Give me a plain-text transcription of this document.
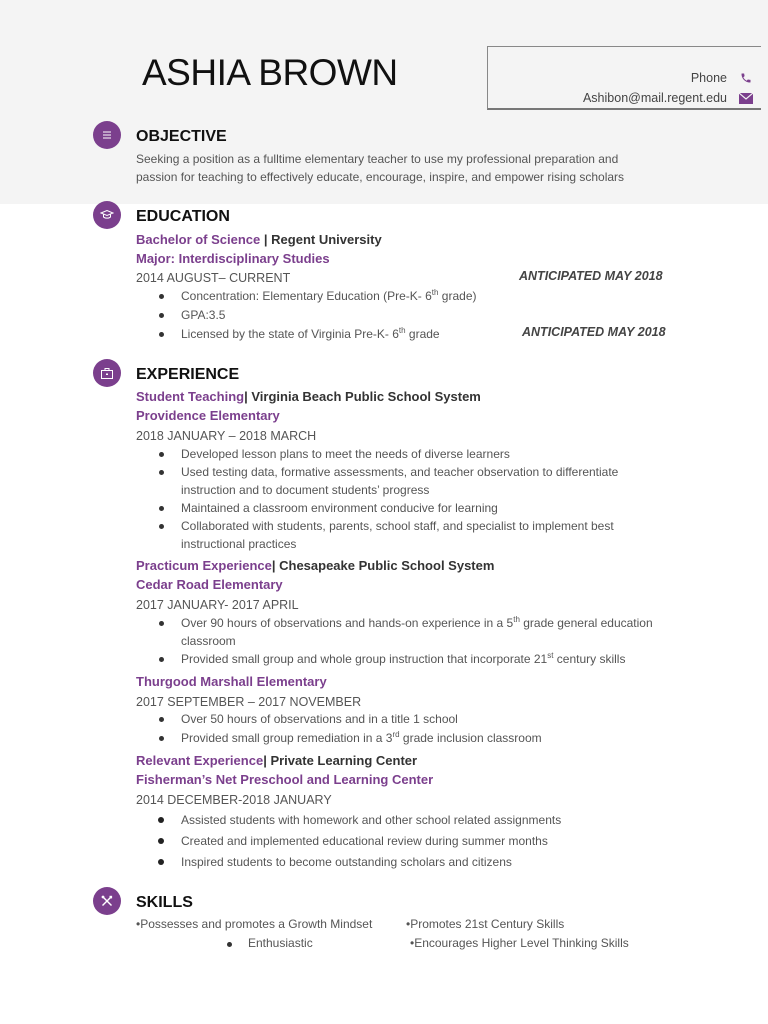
ASHIA BROWN	Phone
Ashibon@mail.regent.edu
OBJECTIVE
Seeking a position as a fulltime elementary teacher to use my professional preparation and
passion for teaching to effectively educate, encourage, inspire, and empower rising scholars
EDUCATION
Bachelor of Science | Regent University
Major: Interdisciplinary Studies
2014 AUGUST– CURRENT	ANTICIPATED MAY 2018
Concentration: Elementary Education (Pre-K- 6th grade)
GPA:3.5
Licensed by the state of Virginia Pre-K- 6th grade	ANTICIPATED MAY 2018
EXPERIENCE
Student Teaching| Virginia Beach Public School System
Providence Elementary
2018 JANUARY – 2018 MARCH
Developed lesson plans to meet the needs of diverse learners
Used testing data, formative assessments, and teacher observation to differentiate
instruction and to document students’ progress
Maintained a classroom environment conducive for learning
Collaborated with students, parents, school staff, and specialist to implement best
instructional practices
Practicum Experience| Chesapeake Public School System
Cedar Road Elementary
2017 JANUARY- 2017 APRIL
Over 90 hours of observations and hands-on experience in a 5th grade general education
classroom
Provided small group and whole group instruction that incorporate 21st century skills
Thurgood Marshall Elementary
2017 SEPTEMBER – 2017 NOVEMBER
Over 50 hours of observations and in a title 1 school
Provided small group remediation in a 3rd grade inclusion classroom
Relevant Experience| Private Learning Center
Fisherman’s Net Preschool and Learning Center
2014 DECEMBER-2018 JANUARY
Assisted students with homework and other school related assignments
Created and implemented educational review during summer months
Inspired students to become outstanding scholars and citizens
SKILLS
•Possesses and promotes a Growth Mindset	•Promotes 21st Century Skills
Enthusiastic	•Encourages Higher Level Thinking Skills
